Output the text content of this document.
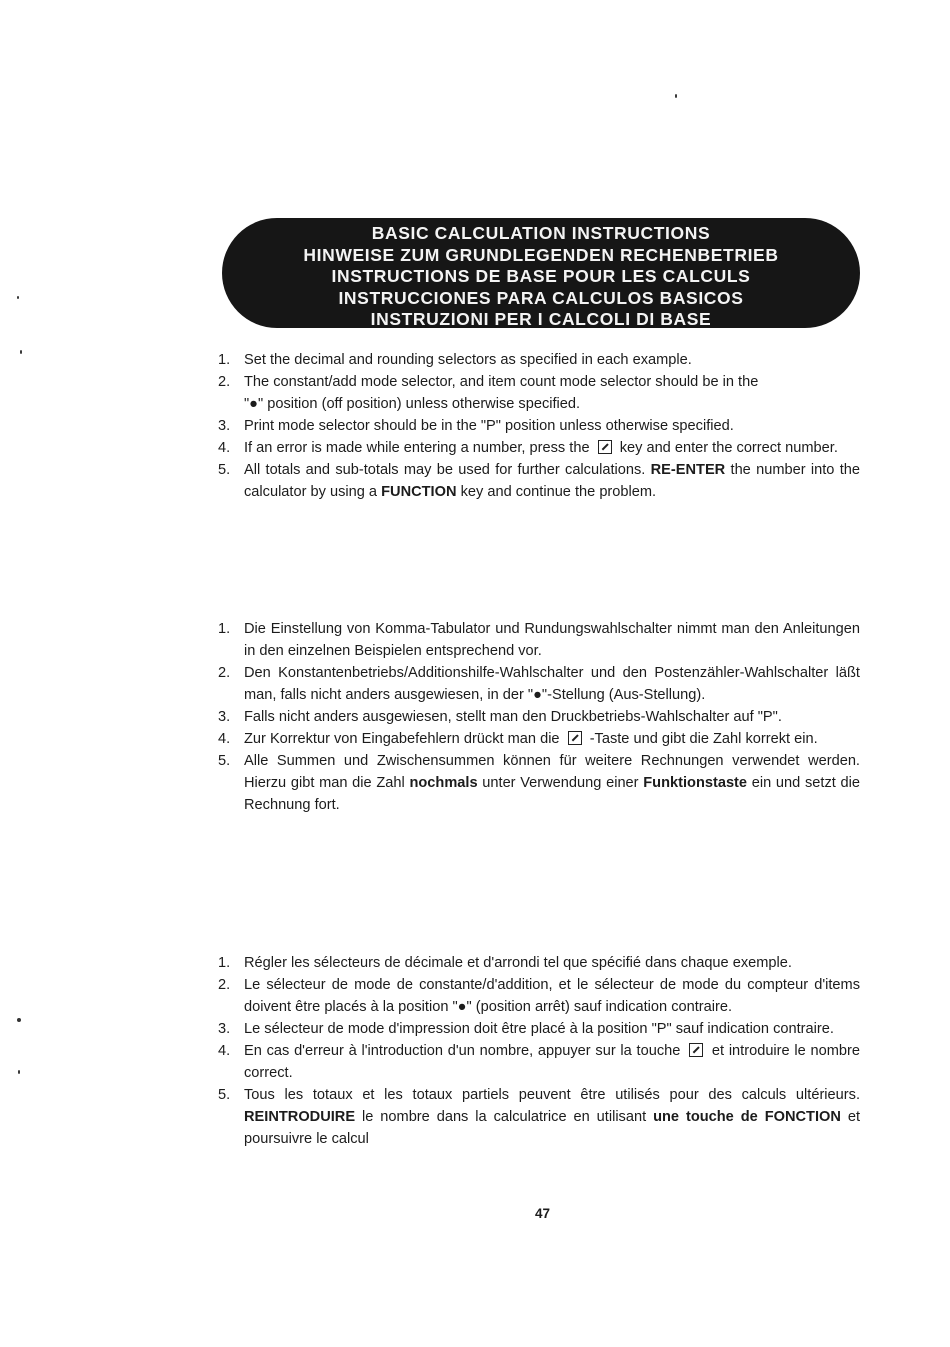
BASIC CALCULATION INSTRUCTIONS
HINWEISE ZUM GRUNDLEGENDEN RECHENBETRIEB
INSTRUCTIONS DE BASE POUR LES CALCULS
INSTRUCCIONES PARA CALCULOS BASICOS
INSTRUZIONI PER I CALCOLI DI BASE
1. Set the decimal and rounding selectors as specified in each example.
2. The constant/add mode selector, and item count mode selector should be in the
"●" position (off position) unless otherwise specified.
3. Print mode selector should be in the "P" position unless otherwise specified.
4. If an error is made while entering a number, press the key and enter the correct number.
5. All totals and sub-totals may be used for further calculations. RE-ENTER the number into the calculator by using a FUNCTION key and continue the problem.
1. Die Einstellung von Komma-Tabulator und Rundungswahlschalter nimmt man den Anleitungen in den einzelnen Beispielen entsprechend vor.
2. Den Konstantenbetriebs/Additionshilfe-Wahlschalter und den Postenzähler-Wahlschalter läßt man, falls nicht anders ausgewiesen, in der "●"-Stellung (Aus-Stellung).
3. Falls nicht anders ausgewiesen, stellt man den Druckbetriebs-Wahlschalter auf "P".
4. Zur Korrektur von Eingabefehlern drückt man die -Taste und gibt die Zahl korrekt ein.
5. Alle Summen und Zwischensummen können für weitere Rechnungen verwendet werden. Hierzu gibt man die Zahl nochmals unter Verwendung einer Funktionstaste ein und setzt die Rechnung fort.
1. Régler les sélecteurs de décimale et d'arrondi tel que spécifié dans chaque exemple.
2. Le sélecteur de mode de constante/d'addition, et le sélecteur de mode du compteur d'items doivent être placés à la position "●" (position arrêt) sauf indication contraire.
3. Le sélecteur de mode d'impression doit être placé à la position "P" sauf indication contraire.
4. En cas d'erreur à l'introduction d'un nombre, appuyer sur la touche et introduire le nombre correct.
5. Tous les totaux et les totaux partiels peuvent être utilisés pour des calculs ultérieurs. REINTRODUIRE le nombre dans la calculatrice en utilisant une touche de FONCTION et poursuivre le calcul
47
